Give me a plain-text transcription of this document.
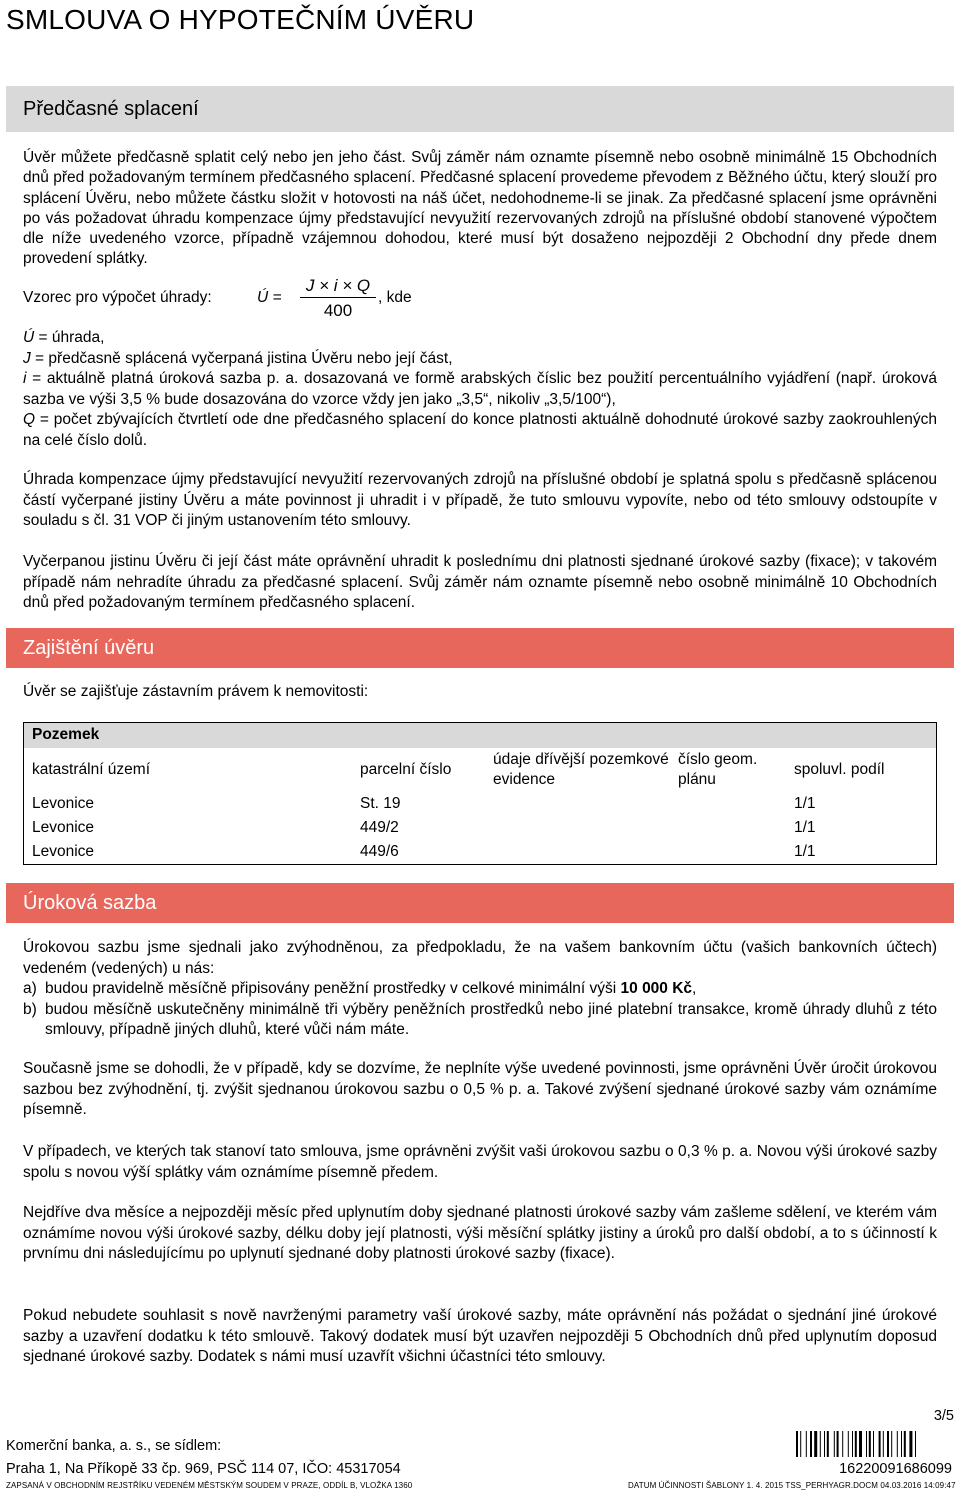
SMLOUVA O HYPOTEČNÍM ÚVĚRU
Předčasné splacení

Úvěr můžete předčasně splatit celý nebo jen jeho část. Svůj záměr nám oznamte písemně nebo osobně minimálně 15 Obchodních dnů před požadovaným termínem předčasného splacení. Předčasné splacení provedeme převodem z Běžného účtu, který slouží pro splácení Úvěru, nebo můžete částku složit v hotovosti na náš účet, nedohodneme-li se jinak. Za předčasné splacení jsme oprávněni po vás požadovat úhradu kompenzace újmy představující nevyužití rezervovaných zdrojů na příslušné období stanovené výpočtem dle níže uvedeného vzorce, případně vzájemnou dohodou, které musí být dosaženo nejpozději 2 Obchodní dny přede dnem provedení splátky.

Vzorec pro výpočet úhrady:	Ú =
J × i × Q
400
, kde
Ú = úhrada,
J = předčasně splácená vyčerpaná jistina Úvěru nebo její část,
i = aktuálně platná úroková sazba p. a. dosazovaná ve formě arabských číslic bez použití percentuálního vyjádření (např. úroková sazba ve výši 3,5 % bude dosazována do vzorce vždy jen jako „3,5“, nikoliv „3,5/100“),
Q = počet zbývajících čtvrtletí ode dne předčasného splacení do konce platnosti aktuálně dohodnuté úrokové sazby zaokrouhlených na celé číslo dolů.

Úhrada kompenzace újmy představující nevyužití rezervovaných zdrojů na příslušné období je splatná spolu s předčasně splácenou částí vyčerpané jistiny Úvěru a máte povinnost ji uhradit i v případě, že tuto smlouvu vypovíte, nebo od této smlouvy odstoupíte v souladu s čl. 31 VOP či jiným ustanovením této smlouvy.

Vyčerpanou jistinu Úvěru či její část máte oprávnění uhradit k poslednímu dni platnosti sjednané úrokové sazby (fixace); v takovém případě nám nehradíte úhradu za předčasné splacení. Svůj záměr nám oznamte písemně nebo osobně minimálně 10 Obchodních dnů před požadovaným termínem předčasného splacení.

Zajištění úvěru

Úvěr se zajišťuje zástavním právem k nemovitosti:

Pozemek				
katastrální území	parcelní číslo	údaje dřívější pozemkové evidence	číslo geom. plánu	spoluvl. podíl
Levonice	St. 19			1/1
Levonice	449/2			1/1
Levonice	449/6			1/1
Úroková sazba

Úrokovou sazbu jsme sjednali jako zvýhodněnou, za předpokladu, že na vašem bankovním účtu (vašich bankovních účtech) vedeném (vedených) u nás:

a) budou pravidelně měsíčně připisovány peněžní prostředky v celkové minimální výši 10 000 Kč,
b) budou měsíčně uskutečněny minimálně tři výběry peněžních prostředků nebo jiné platební transakce, kromě úhrady dluhů z této smlouvy, případně jiných dluhů, které vůči nám máte.

Současně jsme se dohodli, že v případě, kdy se dozvíme, že neplníte výše uvedené povinnosti, jsme oprávněni Úvěr úročit úrokovou sazbou bez zvýhodnění, tj. zvýšit sjednanou úrokovou sazbu o 0,5 % p. a. Takové zvýšení sjednané úrokové sazby vám oznámíme písemně.

V případech, ve kterých tak stanoví tato smlouva, jsme oprávněni zvýšit vaši úrokovou sazbu o 0,3 % p. a. Novou výši úrokové sazby spolu s novou výší splátky vám oznámíme písemně předem.

Nejdříve dva měsíce a nejpozději měsíc před uplynutím doby sjednané platnosti úrokové sazby vám zašleme sdělení, ve kterém vám oznámíme novou výši úrokové sazby, délku doby její platnosti, výši měsíční splátky jistiny a úroků pro další období, a to s účinností k prvnímu dni následujícímu po uplynutí sjednané doby platnosti úrokové sazby (fixace).

Pokud nebudete souhlasit s nově navrženými parametry vaší úrokové sazby, máte oprávnění nás požádat o sjednání jiné úrokové sazby a uzavření dodatku k této smlouvě. Takový dodatek musí být uzavřen nejpozději 5 Obchodních dnů před uplynutím doposud sjednané úrokové sazby. Dodatek s námi musí uzavřít všichni účastníci této smlouvy.

3/5
Komerční banka, a. s., se sídlem:
Praha 1, Na Příkopě 33 čp. 969, PSČ 114 07, IČO: 45317054
ZAPSANÁ V OBCHODNÍM REJSTŘÍKU VEDENÉM MĚSTSKÝM SOUDEM V PRAZE, ODDÍL B, VLOŽKA 1360	DATUM ÚČINNOSTI ŠABLONY 1. 4. 2015 TSS_PERHYAGR.DOCM 04.03.2016 14:09:47
16220091686099
